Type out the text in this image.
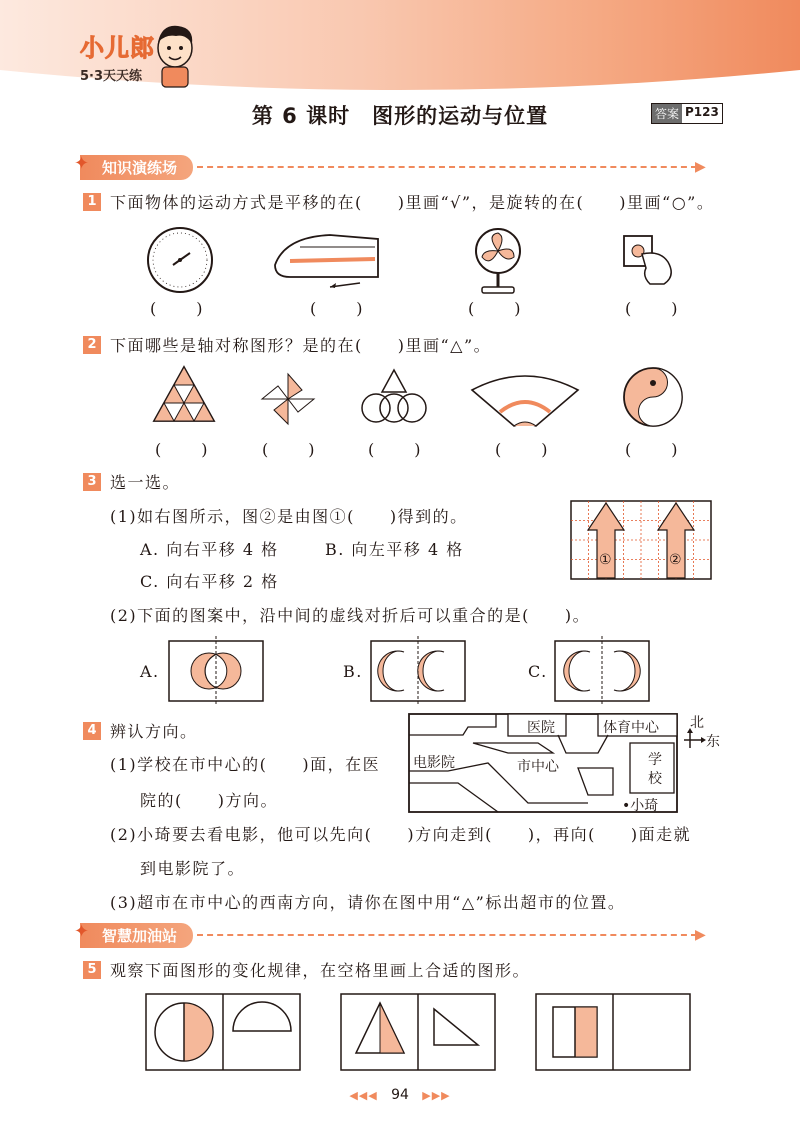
小儿郎
5·3天天练
第 6 课时　图形的运动与位置	答案 P123
✦ 知识演练场	▶
1 下面物体的运动方式是平移的在(　　)里画“√”，是旋转的在(　　)里画“○”。
(　)	(　)	(　)	(　)
2 下面哪些是轴对称图形？是的在(　　)里画“△”。
(　)	(　)	(　)	(　)	(　)
3 选一选。
(1)如右图所示，图②是由图①(　　)得到的。
A. 向右平移 4 格	B. 向左平移 4 格
C. 向右平移 2 格
①	②
(2)下面的图案中，沿中间的虚线对折后可以重合的是(　　)。
A.	B.	C.
4 辨认方向。
(1)学校在市中心的(　　)面，在医
院的(　　)方向。
(2)小琦要去看电影，他可以先向(　　)方向走到(　　)，再向(　　)面走就
到电影院了。
(3)超市在市中心的西南方向，请你在图中用“△”标出超市的位置。
医院	体育中心
电影院	市中心	学
校
•小琦
北
东
✦ 智慧加油站	▶
5 观察下面图形的变化规律，在空格里画上合适的图形。
◀◀◀ 94 ▶▶▶
